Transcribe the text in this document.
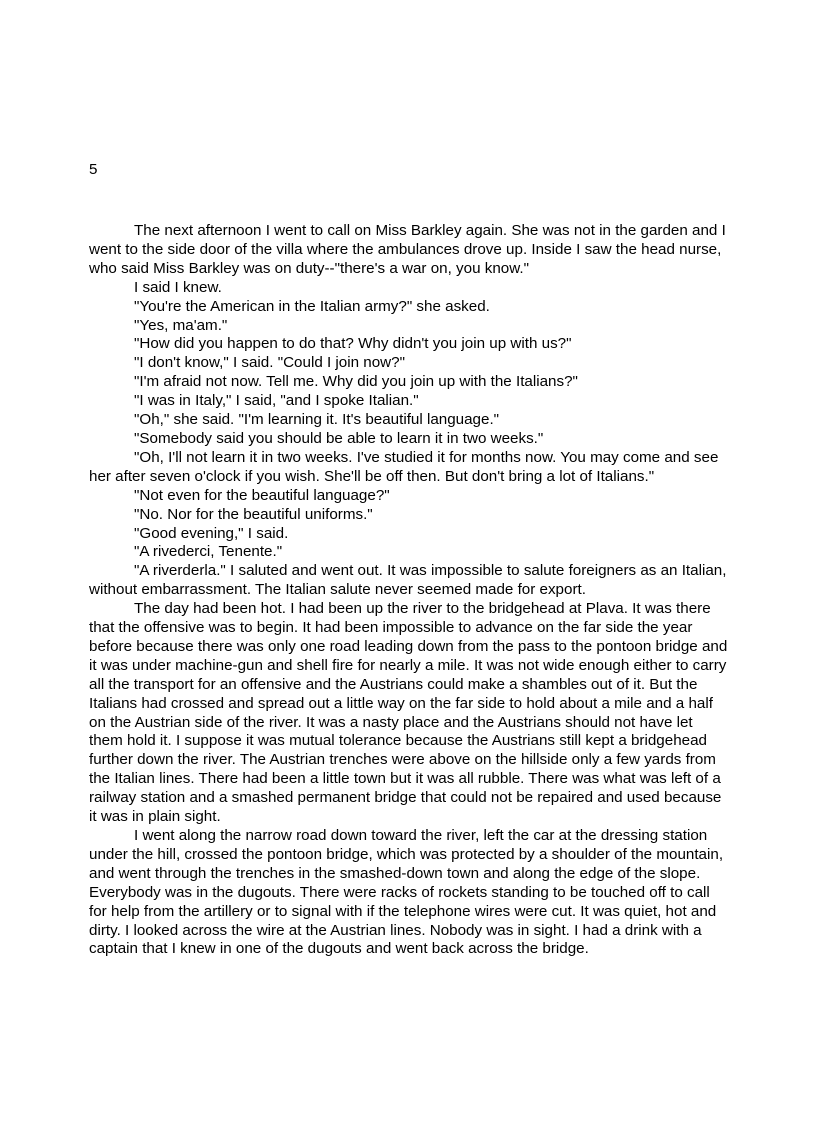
5

The next afternoon I went to call on Miss Barkley again. She was not in the garden and I went to the side door of the villa where the ambulances drove up. Inside I saw the head nurse, who said Miss Barkley was on duty--"there's a war on, you know."

I said I knew.

"You're the American in the Italian army?" she asked.

"Yes, ma'am."

"How did you happen to do that? Why didn't you join up with us?"

"I don't know," I said. "Could I join now?"

"I'm afraid not now. Tell me. Why did you join up with the Italians?"

"I was in Italy," I said, "and I spoke Italian."

"Oh," she said. "I'm learning it. It's beautiful language."

"Somebody said you should be able to learn it in two weeks."

"Oh, I'll not learn it in two weeks. I've studied it for months now. You may come and see her after seven o'clock if you wish. She'll be off then. But don't bring a lot of Italians."

"Not even for the beautiful language?"

"No. Nor for the beautiful uniforms."

"Good evening," I said.

"A rivederci, Tenente."

"A riverderla." I saluted and went out. It was impossible to salute foreigners as an Italian, without embarrassment. The Italian salute never seemed made for export.

The day had been hot. I had been up the river to the bridgehead at Plava. It was there that the offensive was to begin. It had been impossible to advance on the far side the year before because there was only one road leading down from the pass to the pontoon bridge and it was under machine-gun and shell fire for nearly a mile. It was not wide enough either to carry all the transport for an offensive and the Austrians could make a shambles out of it. But the Italians had crossed and spread out a little way on the far side to hold about a mile and a half on the Austrian side of the river. It was a nasty place and the Austrians should not have let them hold it. I suppose it was mutual tolerance because the Austrians still kept a bridgehead further down the river. The Austrian trenches were above on the hillside only a few yards from the Italian lines. There had been a little town but it was all rubble. There was what was left of a railway station and a smashed permanent bridge that could not be repaired and used because it was in plain sight.

I went along the narrow road down toward the river, left the car at the dressing station under the hill, crossed the pontoon bridge, which was protected by a shoulder of the mountain, and went through the trenches in the smashed-down town and along the edge of the slope. Everybody was in the dugouts. There were racks of rockets standing to be touched off to call for help from the artillery or to signal with if the telephone wires were cut. It was quiet, hot and dirty. I looked across the wire at the Austrian lines. Nobody was in sight. I had a drink with a captain that I knew in one of the dugouts and went back across the bridge.
